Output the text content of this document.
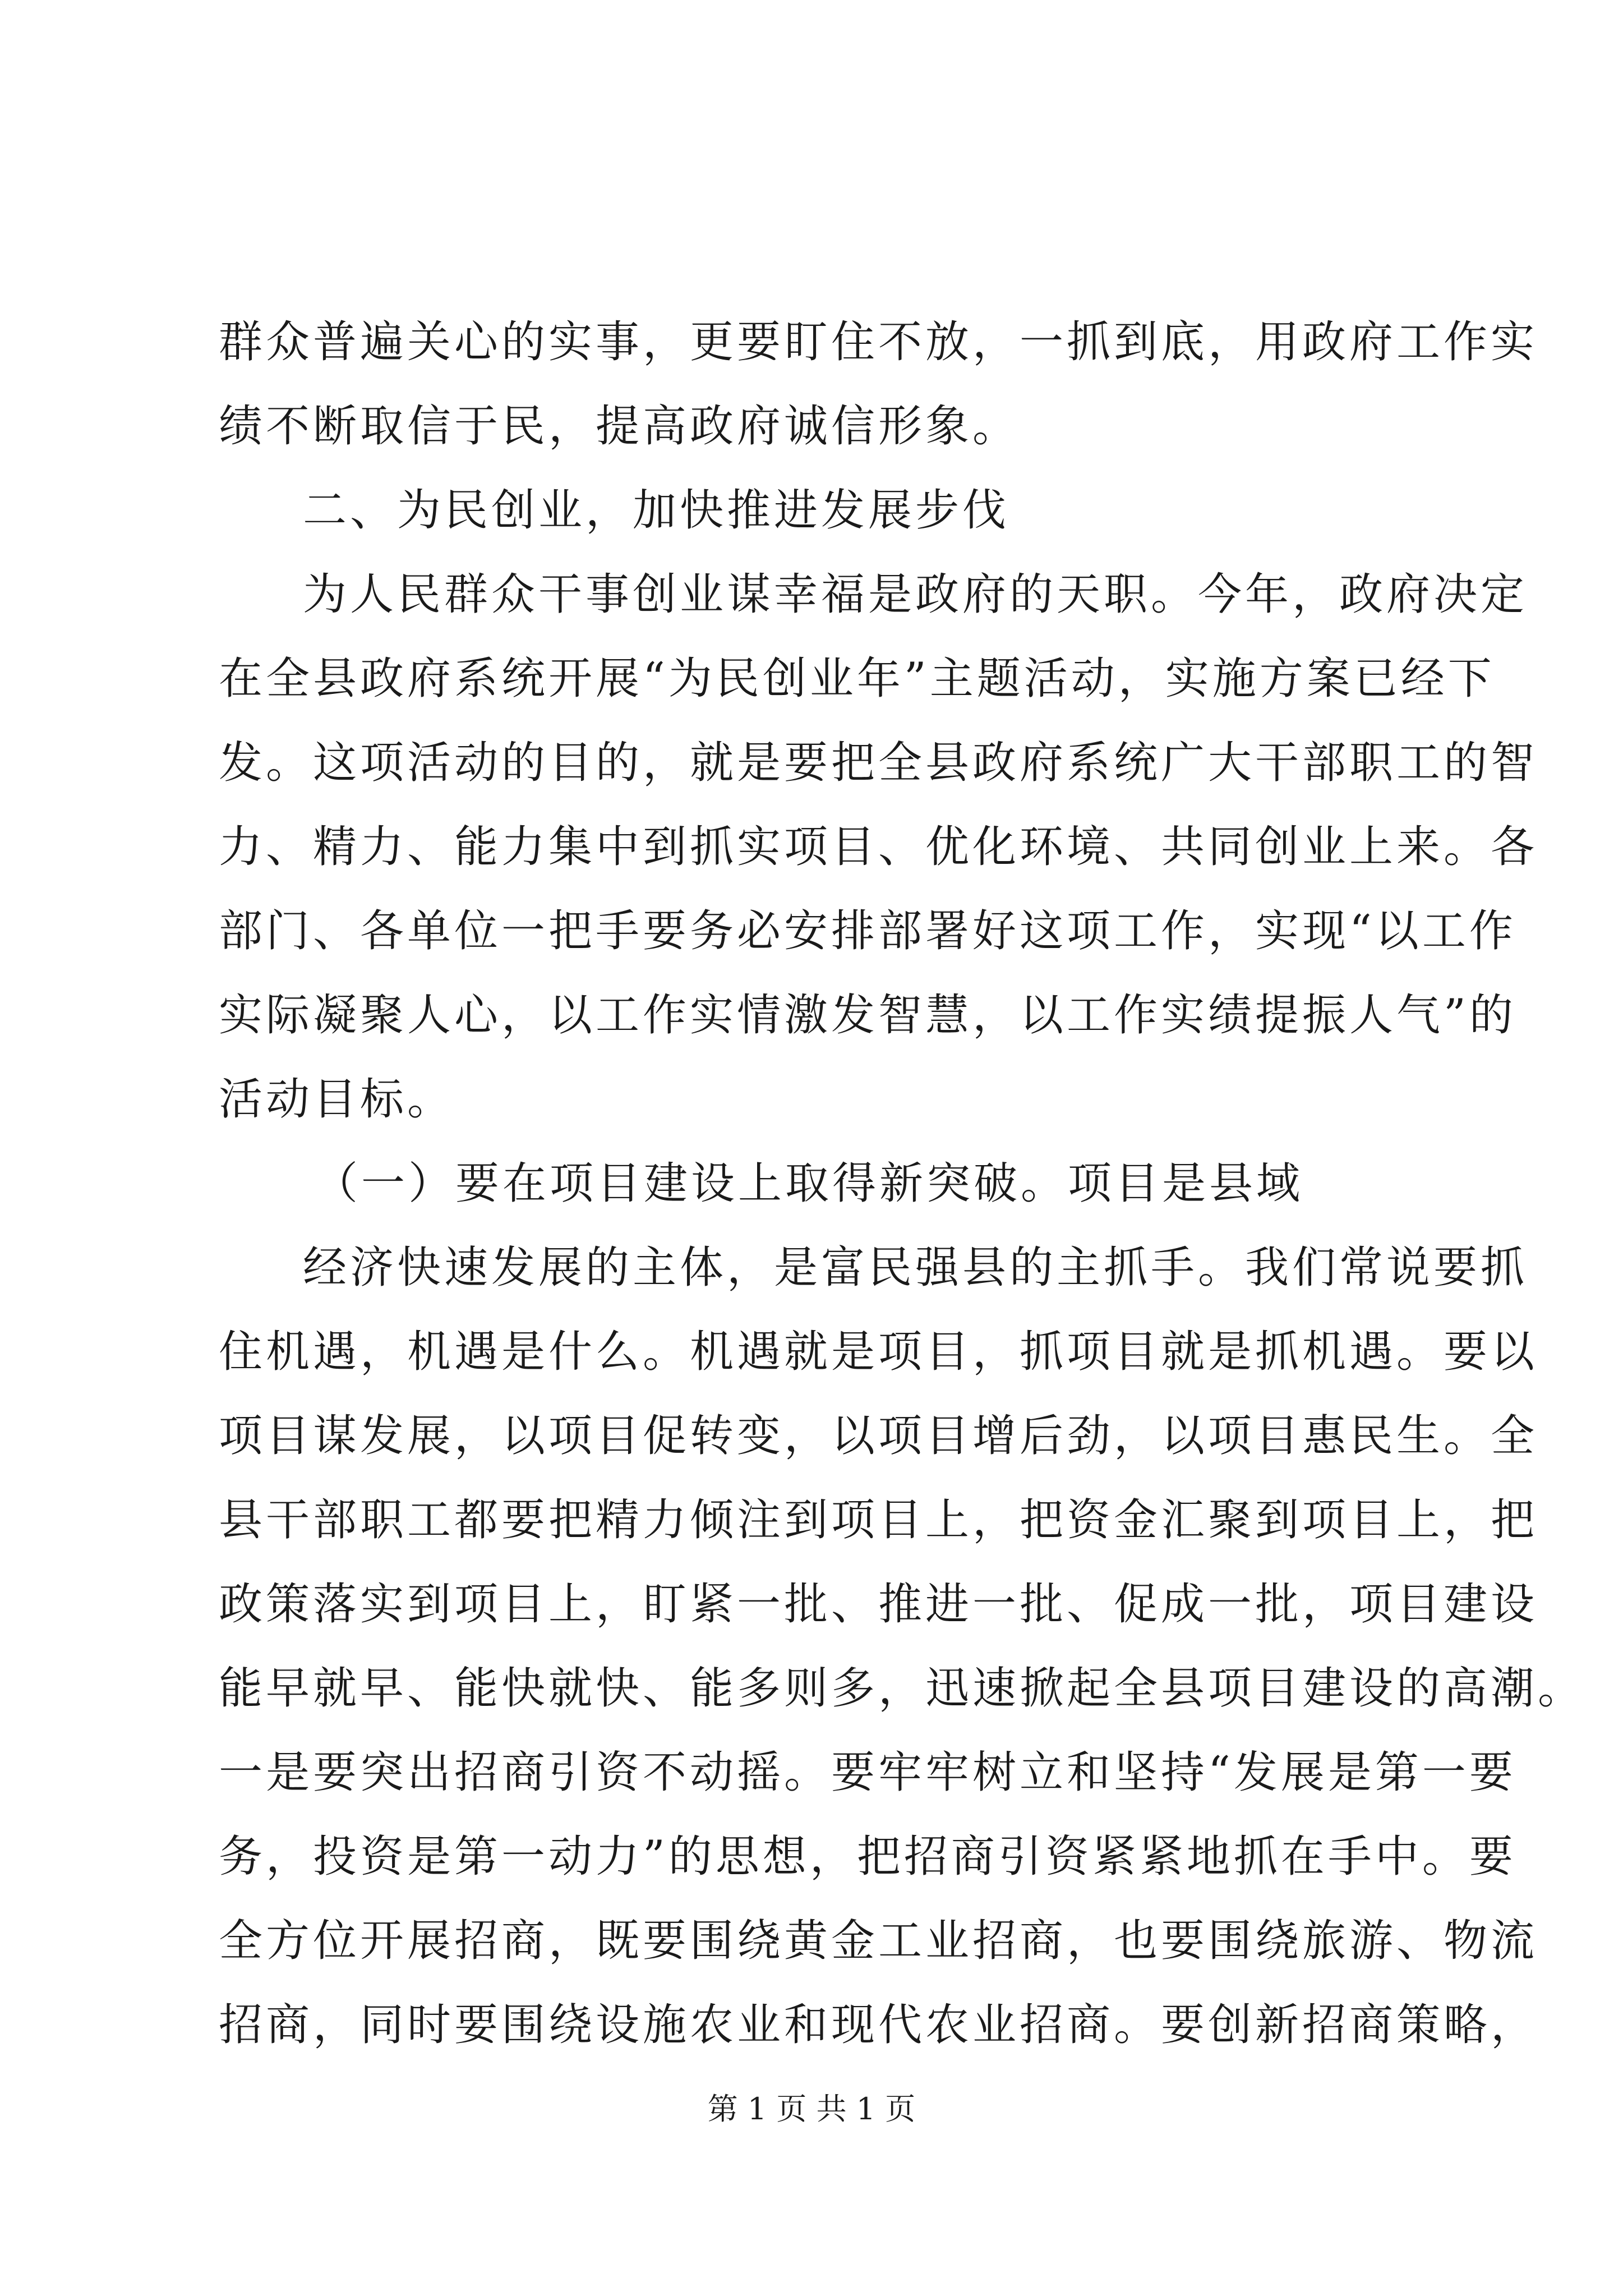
群众普遍关心的实事，更要盯住不放，一抓到底，用政府工作实
绩不断取信于民，提高政府诚信形象。
二、为民创业，加快推进发展步伐
为人民群众干事创业谋幸福是政府的天职。今年，政府决定
在全县政府系统开展“为民创业年”主题活动，实施方案已经下
发。这项活动的目的，就是要把全县政府系统广大干部职工的智
力、精力、能力集中到抓实项目、优化环境、共同创业上来。各
部门、各单位一把手要务必安排部署好这项工作，实现“以工作
实际凝聚人心，以工作实情激发智慧，以工作实绩提振人气”的
活动目标。
（一）要在项目建设上取得新突破。项目是县域
经济快速发展的主体，是富民强县的主抓手。我们常说要抓
住机遇，机遇是什么。机遇就是项目，抓项目就是抓机遇。要以
项目谋发展，以项目促转变，以项目增后劲，以项目惠民生。全
县干部职工都要把精力倾注到项目上，把资金汇聚到项目上，把
政策落实到项目上，盯紧一批、推进一批、促成一批，项目建设
能早就早、能快就快、能多则多，迅速掀起全县项目建设的高潮。
一是要突出招商引资不动摇。要牢牢树立和坚持“发展是第一要
务，投资是第一动力”的思想，把招商引资紧紧地抓在手中。要
全方位开展招商，既要围绕黄金工业招商，也要围绕旅游、物流
招商，同时要围绕设施农业和现代农业招商。要创新招商策略，
第 1 页 共 1 页
